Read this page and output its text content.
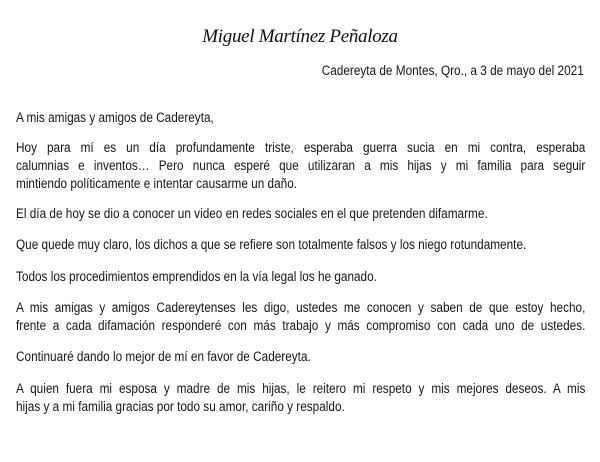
Miguel Martínez Peñaloza
Cadereyta de Montes, Qro., a 3 de mayo del 2021
A mis amigas y amigos de Cadereyta,
Hoy para mí es un día profundamente triste, esperaba guerra sucia en mi contra, esperaba
calumnias e inventos… Pero nunca esperé que utilizaran a mis hijas y mi familia para seguir
mintiendo políticamente e intentar causarme un daño.
El día de hoy se dio a conocer un video en redes sociales en el que pretenden difamarme.
Que quede muy claro, los dichos a que se refiere son totalmente falsos y los niego rotundamente.
Todos los procedimientos emprendidos en la vía legal los he ganado.
A mis amigas y amigos Cadereytenses les digo, ustedes me conocen y saben de que estoy hecho,
frente a cada difamación responderé con más trabajo y más compromiso con cada uno de ustedes.
Continuaré dando lo mejor de mí en favor de Cadereyta.
A quien fuera mi esposa y madre de mis hijas, le reitero mi respeto y mis mejores deseos. A mis
hijas y a mi familia gracias por todo su amor, cariño y respaldo.
